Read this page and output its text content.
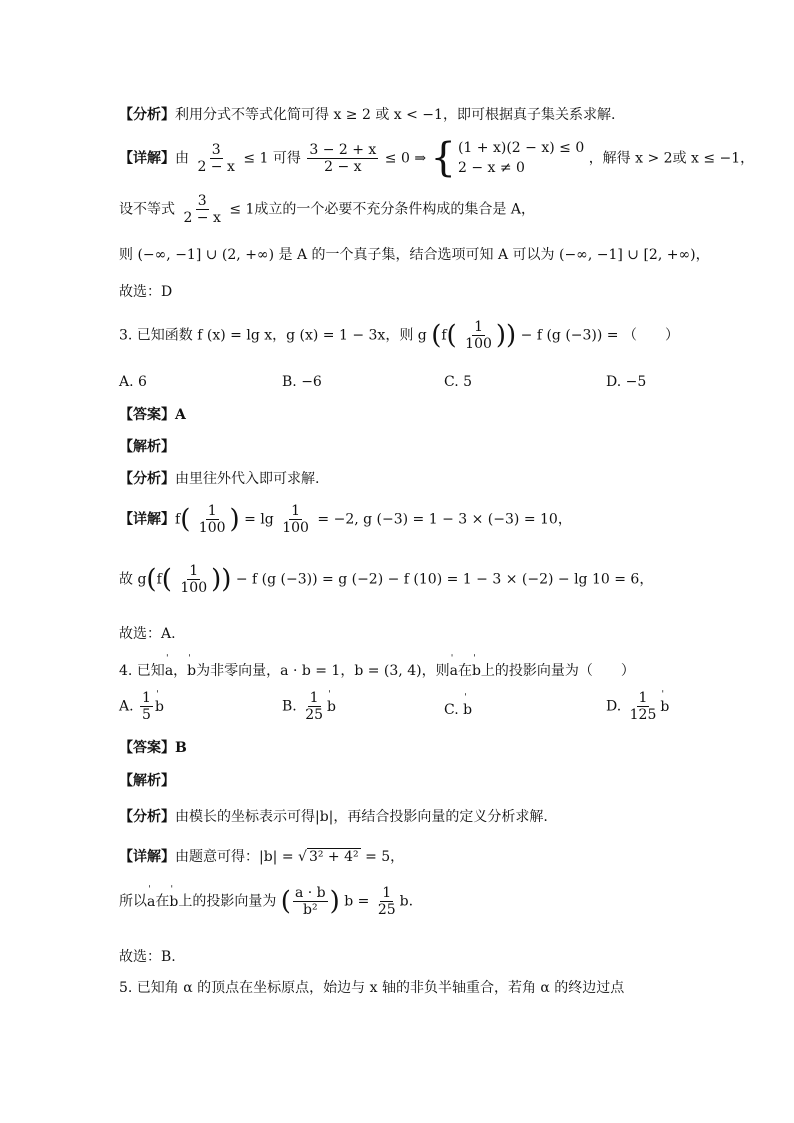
【分析】利用分式不等式化简可得 x ≥ 2 或 x < −1，即可根据真子集关系求解.
【详解】由 $\frac{3}{2 - x} \le 1$ 可得 $\frac{3 - 2 + x}{2 - x} \le 0$ ⇒ { (1 + x)(2 − x) ≤ 0
2 − x ≠ 0
，解得 x > 2或 x ≤ −1，
设不等式 $\frac{3}{2 - x} \le 1$成立的一个必要不充分条件构成的集合是 A，
则 (−∞, −1] ∪ (2, +∞) 是 A 的一个真子集，结合选项可知 A 可以为 (−∞, −1] ∪ [2, +∞)，
故选：D
3. 已知函数 f (x) = lg x，g (x) = 1 − 3x，则 g ($f( \frac{1}{100}$ )) − f (g (−3)) = （　　）
A. 6	B. −6	C. 5	D. −5
【答案】A
【解析】
【分析】由里往外代入即可求解.
【详解】$f( \frac{1}{100}$ ) = $\lg \frac{1}{100} = -2$, g (−3) = 1 − 3 × (−3) = 10，
故 $g(f( \frac{1}{100}$ )) − f (g (−3)) = g (−2) − f (10) = 1 − 3 × (−2) − lg 10 = 6，
故选：A.
4. 已知ˈ a，ˈ b为非零向量，a · b = 1，b = (3, 4)，则ˈ a在ˈ b上的投影向量为（　　）
A. $\frac{1}{5}$ ˈ b	B. $\frac{1}{25}$ ˈ b	C. ˈ b	D. $\frac{1}{125}$ ˈ b
【答案】B
【解析】
【分析】由模长的坐标表示可得|b|，再结合投影向量的定义分析求解.
【详解】由题意可得：|b| = √ 3² + 4² = 5，
所以ˈ a在ˈ b上的投影向量为 ( $\frac{a \cdot b}{\text{b²}}$ ) $b = \frac{1}{25} b$.
故选：B.
5. 已知角 α 的顶点在坐标原点，始边与 x 轴的非负半轴重合，若角 α 的终边过点
